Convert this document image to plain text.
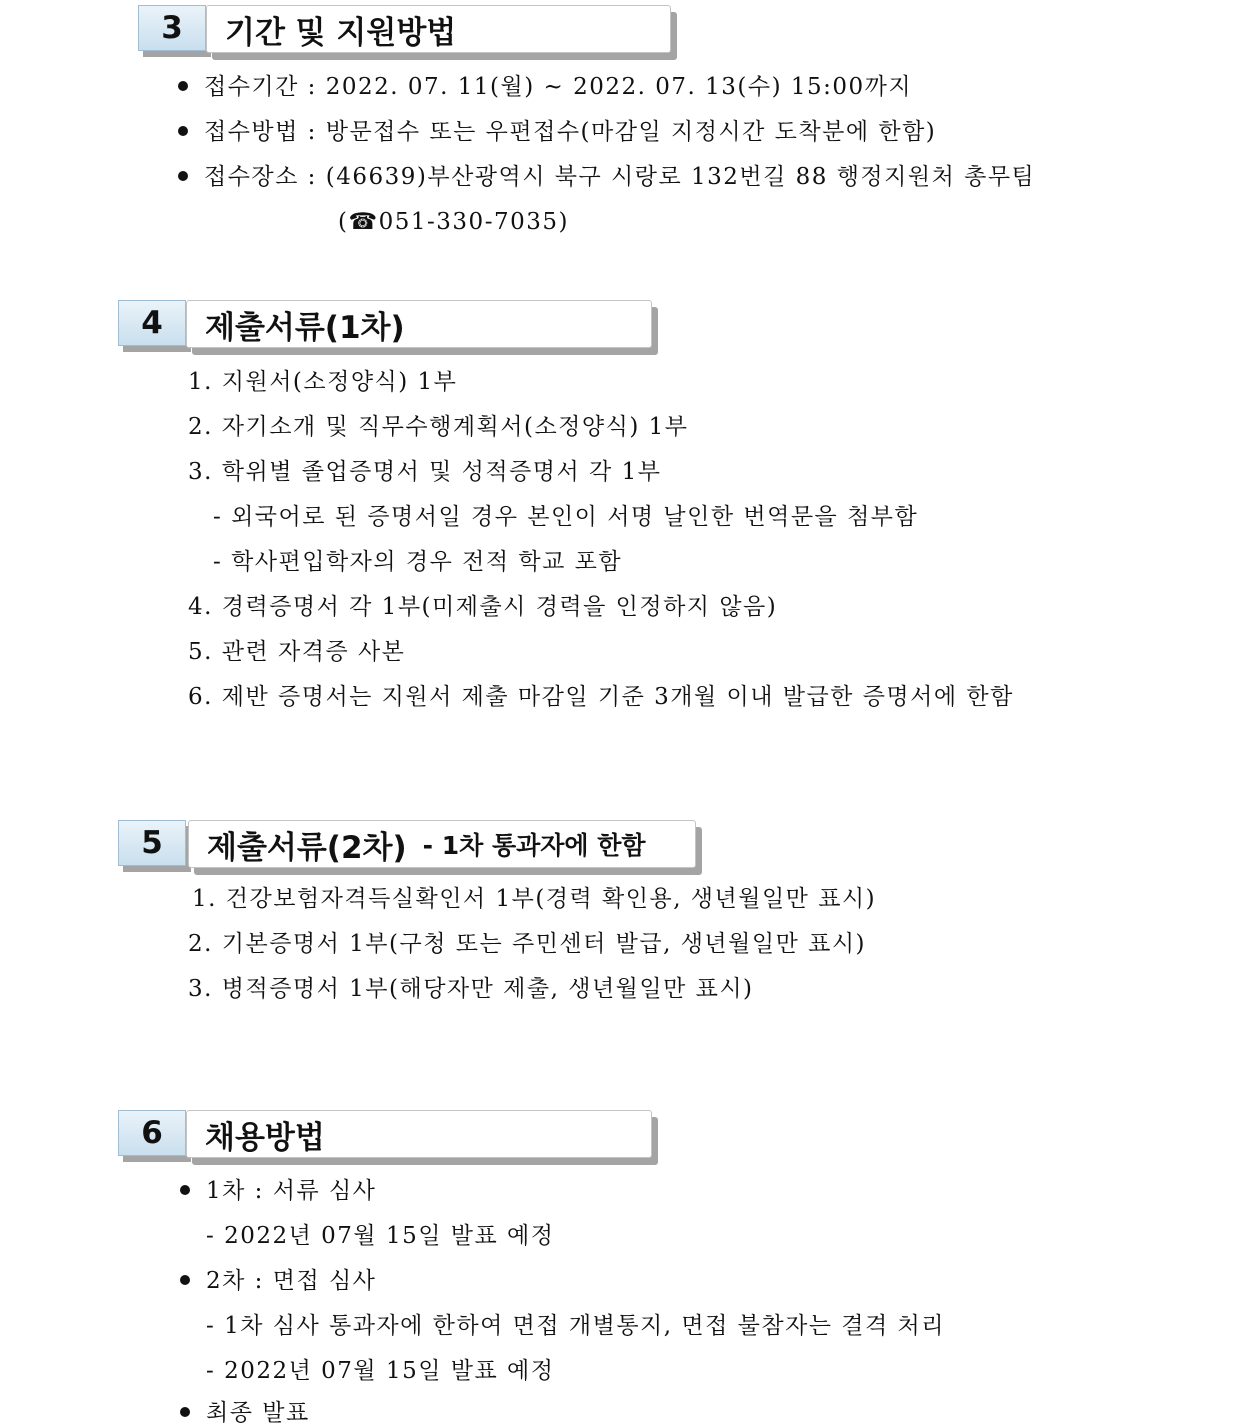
3	기간 및 지원방법
접수기간 : 2022. 07. 11(월) ~ 2022. 07. 13(수) 15:00까지
접수방법 : 방문접수 또는 우편접수(마감일 지정시간 도착분에 한함)
접수장소 : (46639)부산광역시 북구 시랑로 132번길 88 행정지원처 총무팀
(☎051-330-7035)
4	제출서류(1차)
1. 지원서(소정양식) 1부
2. 자기소개 및 직무수행계획서(소정양식) 1부
3. 학위별 졸업증명서 및 성적증명서 각 1부
- 외국어로 된 증명서일 경우 본인이 서명 날인한 번역문을 첨부함
- 학사편입학자의 경우 전적 학교 포함
4. 경력증명서 각 1부(미제출시 경력을 인정하지 않음)
5. 관련 자격증 사본
6. 제반 증명서는 지원서 제출 마감일 기준 3개월 이내 발급한 증명서에 한함
5	제출서류(2차) - 1차 통과자에 한함
1. 건강보험자격득실확인서 1부(경력 확인용, 생년월일만 표시)
2. 기본증명서 1부(구청 또는 주민센터 발급, 생년월일만 표시)
3. 병적증명서 1부(해당자만 제출, 생년월일만 표시)
6	채용방법
1차 : 서류 심사
- 2022년 07월 15일 발표 예정
2차 : 면접 심사
- 1차 심사 통과자에 한하여 면접 개별통지, 면접 불참자는 결격 처리
- 2022년 07월 15일 발표 예정
최종 발표
